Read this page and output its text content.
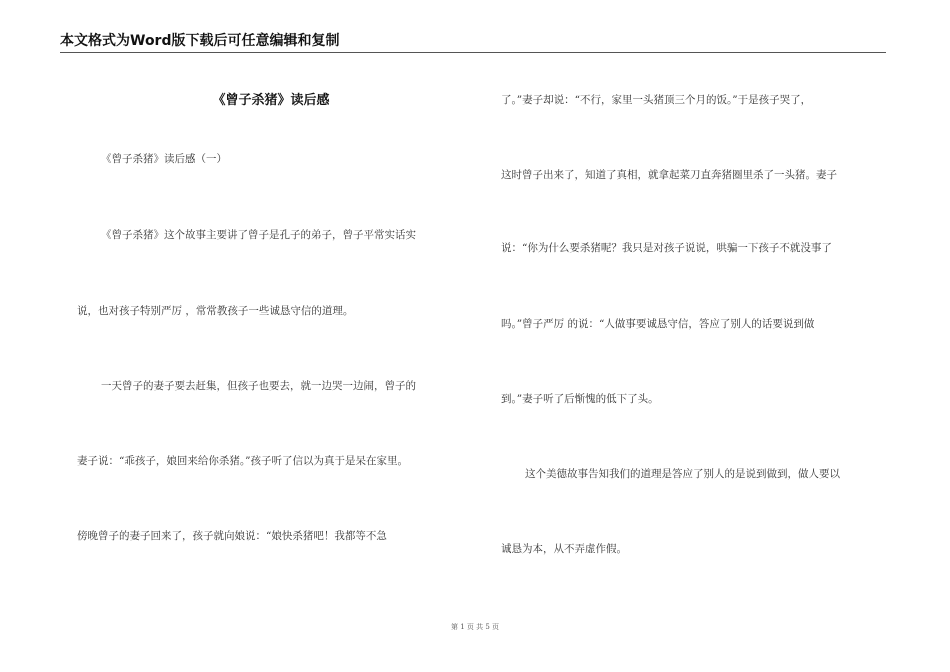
本文格式为Word版下载后可任意编辑和复制
《曾子杀猪》读后感
《曾子杀猪》读后感（一）
《曾子杀猪》这个故事主要讲了曾子是孔子的弟子，曾子平常实话实
说，也对孩子特别严厉 ，常常教孩子一些诚恳守信的道理。
一天曾子的妻子要去赶集，但孩子也要去，就一边哭一边闹，曾子的
妻子说：“乖孩子，娘回来给你杀猪。”孩子听了信以为真于是呆在家里。
傍晚曾子的妻子回来了，孩子就向娘说：“娘快杀猪吧！我都等不急
了。”妻子却说：“不行，家里一头猪顶三个月的饭。”于是孩子哭了，
这时曾子出来了，知道了真相，就拿起菜刀直奔猪圈里杀了一头猪。妻子
说：“你为什么要杀猪呢？我只是对孩子说说，哄骗一下孩子不就没事了
吗。”曾子严厉 的说：“人做事要诚恳守信，答应了别人的话要说到做
到。”妻子听了后惭愧的低下了头。
这个美德故事告知我们的道理是答应了别人的是说到做到，做人要以
诚恳为本，从不弄虚作假。
第 1 页 共 5 页
